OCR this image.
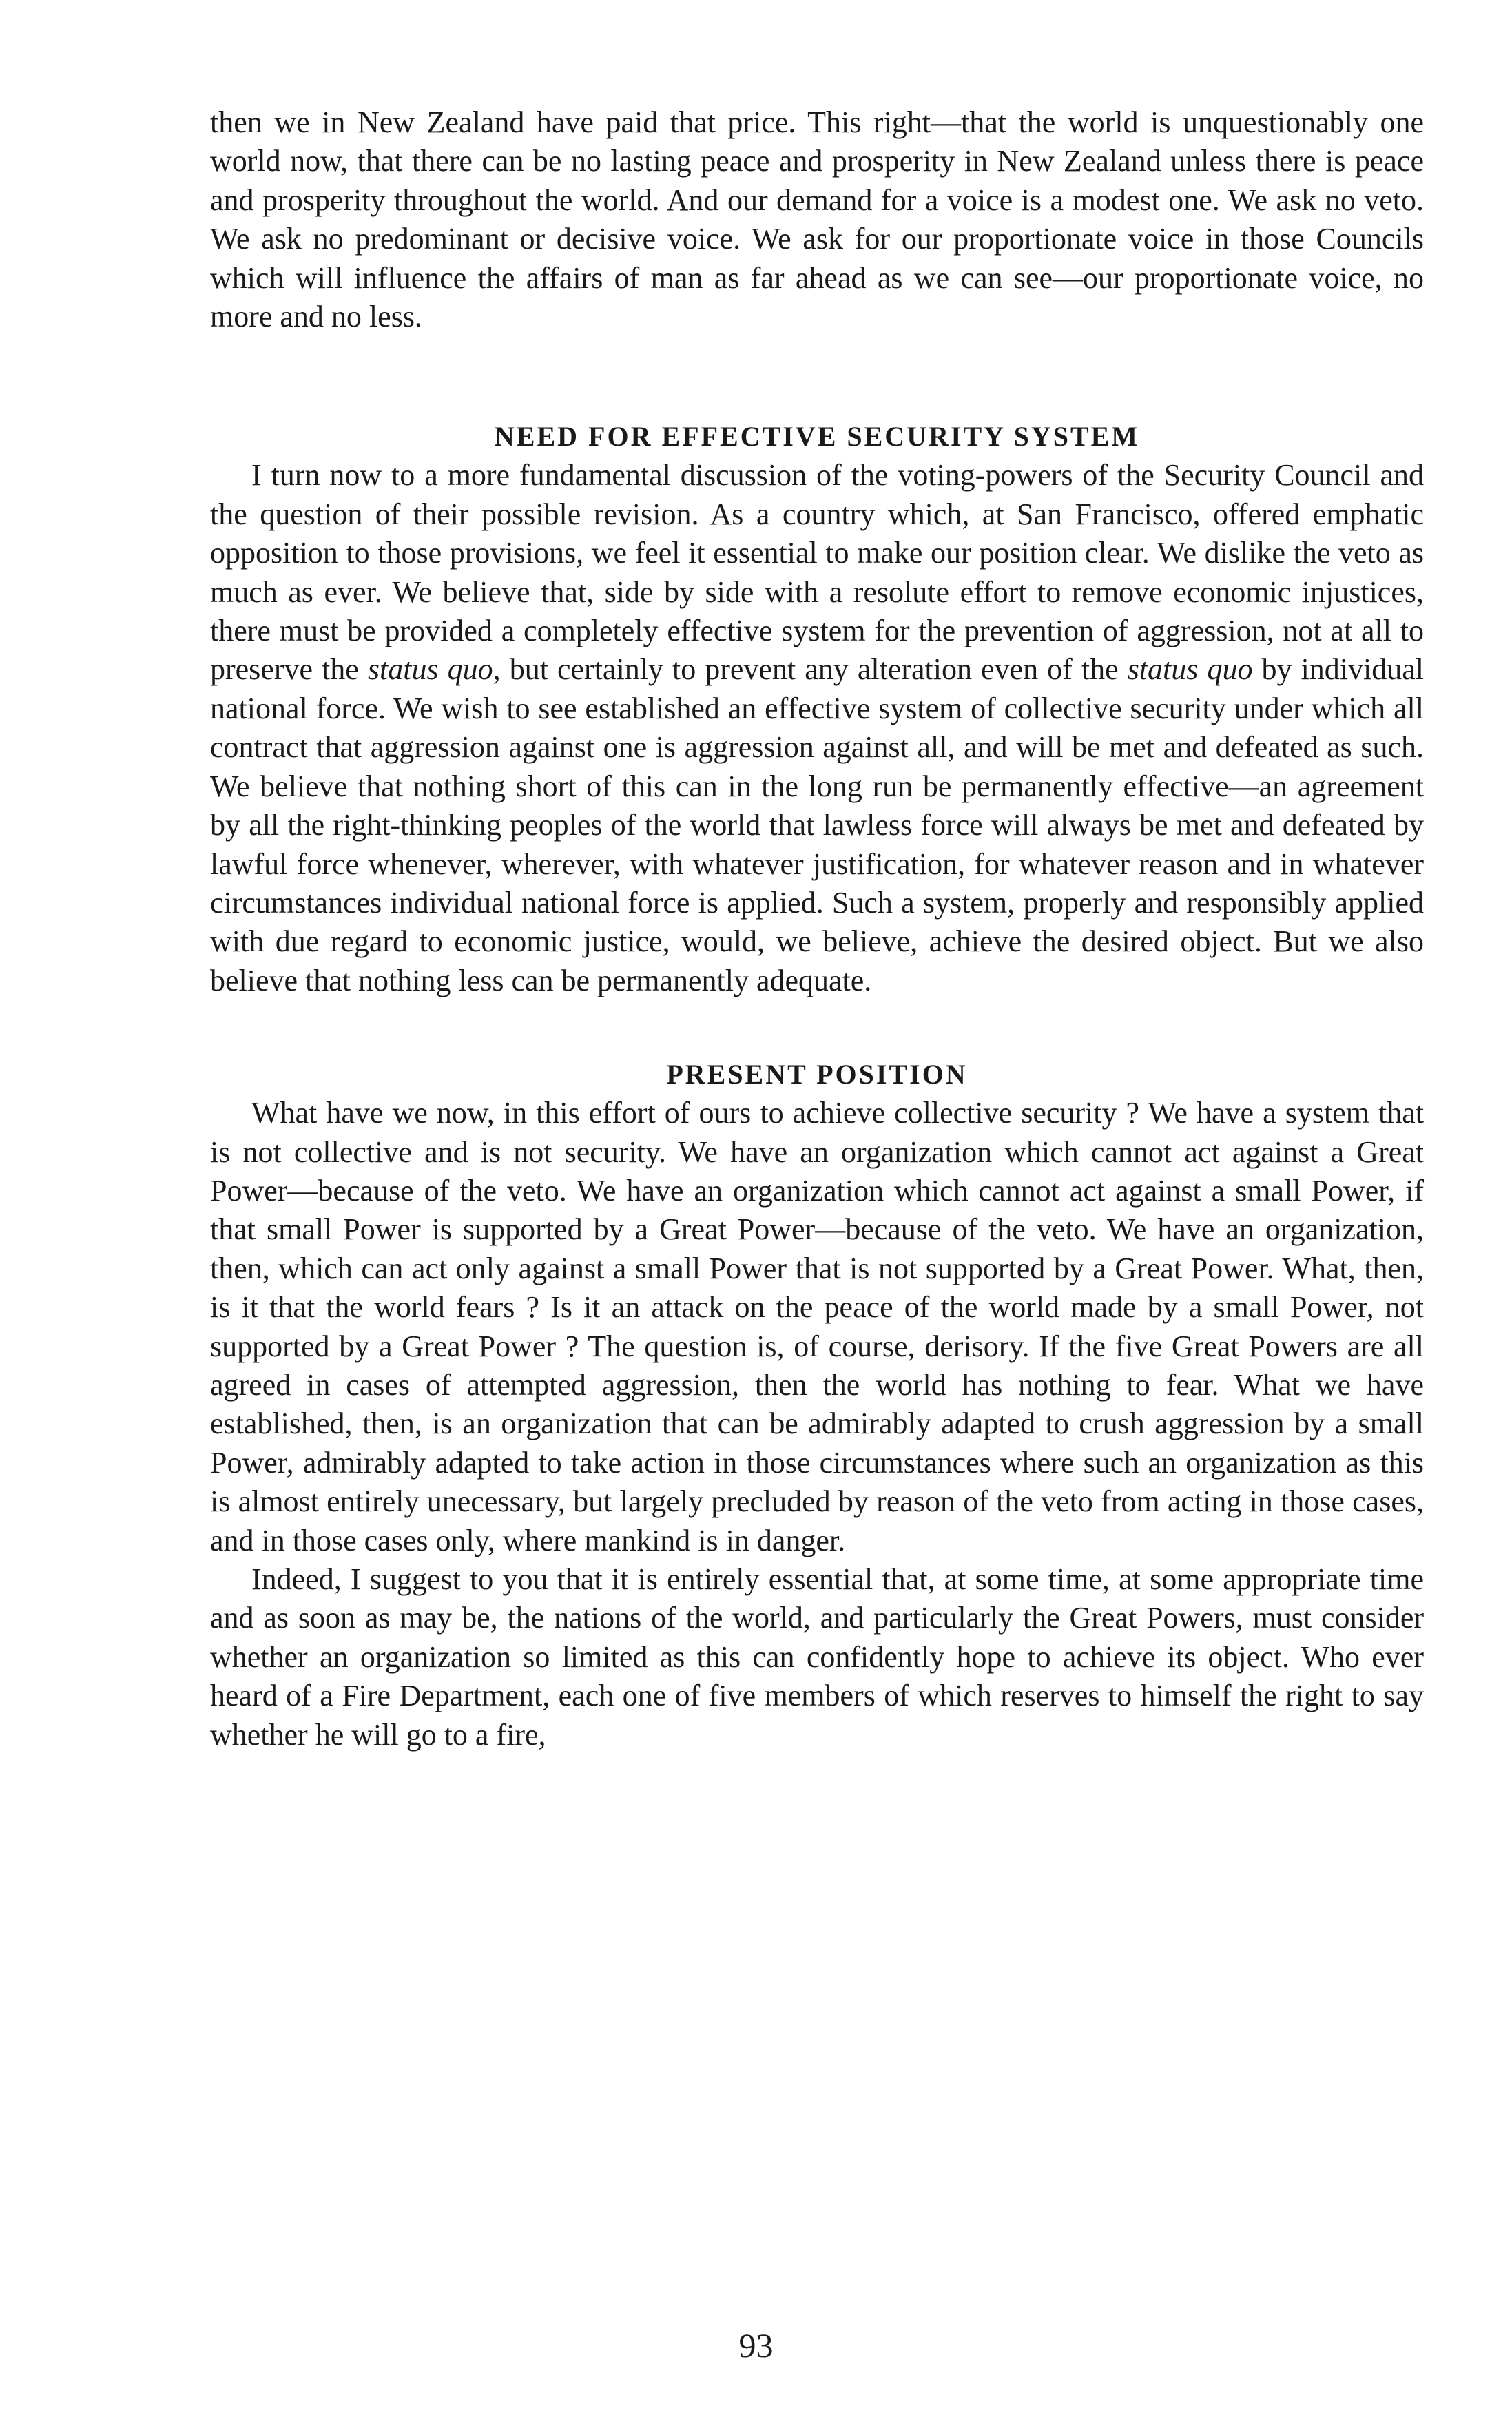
then we in New Zealand have paid that price. This right—that the world is unquestionably one world now, that there can be no lasting peace and prosperity in New Zealand unless there is peace and prosperity throughout the world. And our demand for a voice is a modest one. We ask no veto. We ask no predominant or decisive voice. We ask for our proportionate voice in those Councils which will influence the affairs of man as far ahead as we can see—our proportionate voice, no more and no less.

NEED FOR EFFECTIVE SECURITY SYSTEM

I turn now to a more fundamental discussion of the voting-powers of the Security Council and the question of their possible revision. As a country which, at San Francisco, offered emphatic opposition to those provisions, we feel it essential to make our position clear. We dislike the veto as much as ever. We believe that, side by side with a resolute effort to remove economic injustices, there must be provided a completely effective system for the prevention of aggression, not at all to preserve the status quo, but certainly to prevent any alteration even of the status quo by individual national force. We wish to see established an effective system of collective security under which all contract that aggression against one is aggression against all, and will be met and defeated as such. We believe that nothing short of this can in the long run be permanently effective—an agreement by all the right-thinking peoples of the world that lawless force will always be met and defeated by lawful force whenever, wherever, with whatever justification, for whatever reason and in whatever circumstances individual national force is applied. Such a system, properly and responsibly applied with due regard to economic justice, would, we believe, achieve the desired object. But we also believe that nothing less can be permanently adequate.

PRESENT POSITION

What have we now, in this effort of ours to achieve collective security ? We have a system that is not collective and is not security. We have an organization which cannot act against a Great Power—because of the veto. We have an organization which cannot act against a small Power, if that small Power is supported by a Great Power—because of the veto. We have an organization, then, which can act only against a small Power that is not supported by a Great Power. What, then, is it that the world fears ? Is it an attack on the peace of the world made by a small Power, not supported by a Great Power ? The question is, of course, derisory. If the five Great Powers are all agreed in cases of attempted aggression, then the world has nothing to fear. What we have established, then, is an organization that can be admirably adapted to crush aggression by a small Power, admirably adapted to take action in those circumstances where such an organization as this is almost entirely unecessary, but largely precluded by reason of the veto from acting in those cases, and in those cases only, where mankind is in danger.

Indeed, I suggest to you that it is entirely essential that, at some time, at some appropriate time and as soon as may be, the nations of the world, and particularly the Great Powers, must consider whether an organization so limited as this can confidently hope to achieve its object. Who ever heard of a Fire Department, each one of five members of which reserves to himself the right to say whether he will go to a fire,

93
